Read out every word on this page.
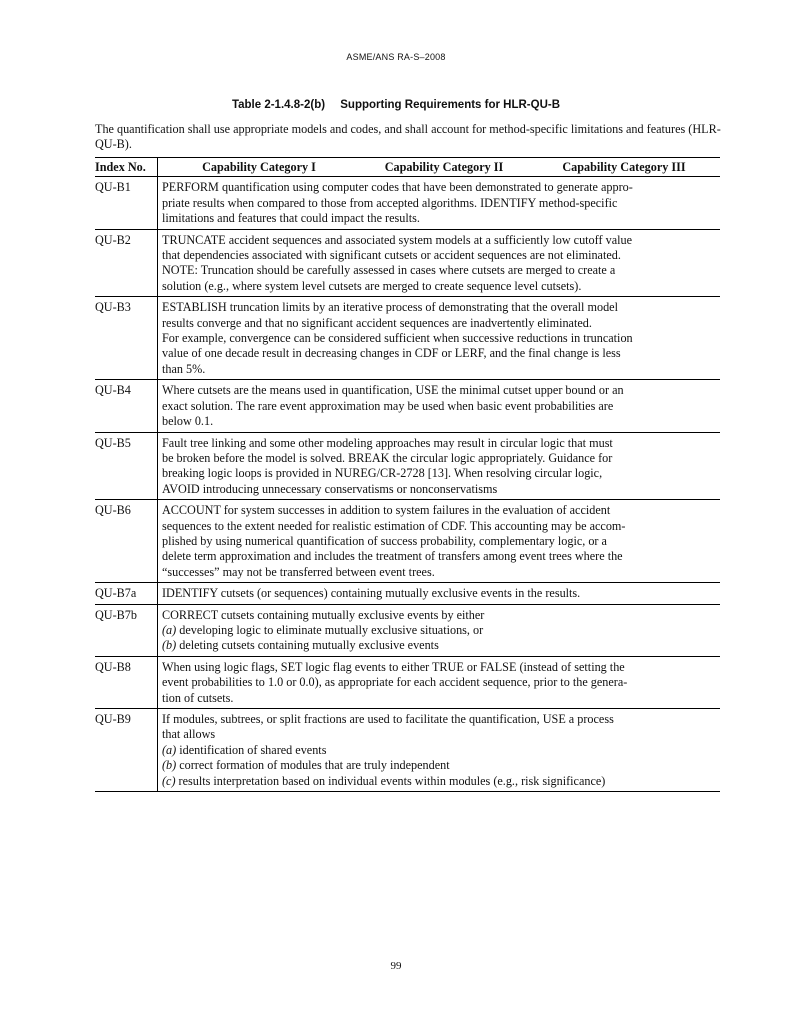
ASME/ANS RA-S–2008
Table 2-1.4.8-2(b) Supporting Requirements for HLR-QU-B
The quantification shall use appropriate models and codes, and shall account for method-specific limitations and features (HLR-QU-B).
Index No.	Capability Category I Capability Category II Capability Category III
QU-B1	PERFORM quantification using computer codes that have been demonstrated to generate appro-
priate results when compared to those from accepted algorithms. IDENTIFY method-specific
limitations and features that could impact the results.

QU-B2	TRUNCATE accident sequences and associated system models at a sufficiently low cutoff value
that dependencies associated with significant cutsets or accident sequences are not eliminated.
NOTE: Truncation should be carefully assessed in cases where cutsets are merged to create a
solution (e.g., where system level cutsets are merged to create sequence level cutsets).

QU-B3	ESTABLISH truncation limits by an iterative process of demonstrating that the overall model
results converge and that no significant accident sequences are inadvertently eliminated.
For example, convergence can be considered sufficient when successive reductions in truncation
value of one decade result in decreasing changes in CDF or LERF, and the final change is less
than 5%.

QU-B4	Where cutsets are the means used in quantification, USE the minimal cutset upper bound or an
exact solution. The rare event approximation may be used when basic event probabilities are
below 0.1.

QU-B5	Fault tree linking and some other modeling approaches may result in circular logic that must
be broken before the model is solved. BREAK the circular logic appropriately. Guidance for
breaking logic loops is provided in NUREG/CR-2728 [13]. When resolving circular logic,
AVOID introducing unnecessary conservatisms or nonconservatisms

QU-B6	ACCOUNT for system successes in addition to system failures in the evaluation of accident
sequences to the extent needed for realistic estimation of CDF. This accounting may be accom-
plished by using numerical quantification of success probability, complementary logic, or a
delete term approximation and includes the treatment of transfers among event trees where the
“successes” may not be transferred between event trees.

QU-B7a	IDENTIFY cutsets (or sequences) containing mutually exclusive events in the results.

QU-B7b	CORRECT cutsets containing mutually exclusive events by either
(a) developing logic to eliminate mutually exclusive situations, or
(b) deleting cutsets containing mutually exclusive events

QU-B8	When using logic flags, SET logic flag events to either TRUE or FALSE (instead of setting the
event probabilities to 1.0 or 0.0), as appropriate for each accident sequence, prior to the genera-
tion of cutsets.

QU-B9	If modules, subtrees, or split fractions are used to facilitate the quantification, USE a process
that allows
(a) identification of shared events
(b) correct formation of modules that are truly independent
(c) results interpretation based on individual events within modules (e.g., risk significance)
99
